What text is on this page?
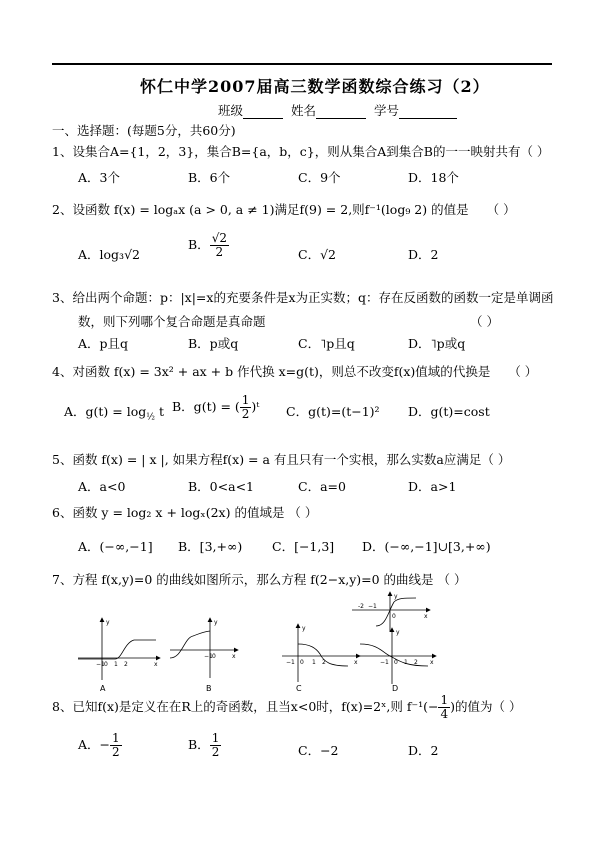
怀仁中学2007届高三数学函数综合练习（2）
班级	姓名	学号
一、选择题：(每题5分，共60分)
1、设集合A={1，2，3}，集合B={a，b，c}，则从集合A到集合B的一一映射共有（ ）
A．3个	B．6个	C．9个	D．18个
2、设函数 f(x) = logₐx (a > 0, a ≠ 1)满足f(9) = 2,则f⁻¹(log₉ 2) 的值是 （ ）
A．log₃√2
B． $\frac{√2}{2}$	C．√2	D．2
3、给出两个命题：p：|x|=x的充要条件是x为正实数；q：存在反函数的函数一定是单调函
数，则下列哪个复合命题是真命题	（ ）
A．p且q	B．p或q	C．˥p且q	D．˥p或q
4、对函数 f(x) = 3x² + ax + b 作代换 x=g(t)，则总不改变f(x)值域的代换是 （ ）
A．$g(t) = \log_{\frac{1}{2}} t$ B．g(t) = ( $\frac{1}{2}$ )ᵗ C．g(t)=(t−1)² D．g(t)=cost
5、函数 f(x) = | x |, 如果方程f(x) = a 有且只有一个实根，那么实数a应满足（ ）
A．a<0	B．0<a<1	C．a=0	D．a>1
6、函数 y = log₂ x + logₓ(2x) 的值域是 （ ）
A．(−∞,−1] B．[3,+∞) C．[−1,3] D．(−∞,−1]∪[3,+∞)
7、方程 f(x,y)=0 的曲线如图所示，那么方程 f(2−x,y)=0 的曲线是 （ ）
−1 0 1 2	x
y
−1 0	x
y
−1 0 1 2	x
y
-2 −1
0	x
y
−1 0 1 2 x
y
A	B	C	D
8、已知f(x)是定义在在R上的奇函数，且当x<0时，f(x)=2ˣ,则 $f^{-1}(- \frac{1}{4}$ )的值为（ ）
A．− $\frac{1}{2}$	B． $\frac{1}{2}$	C．−2	D．2
